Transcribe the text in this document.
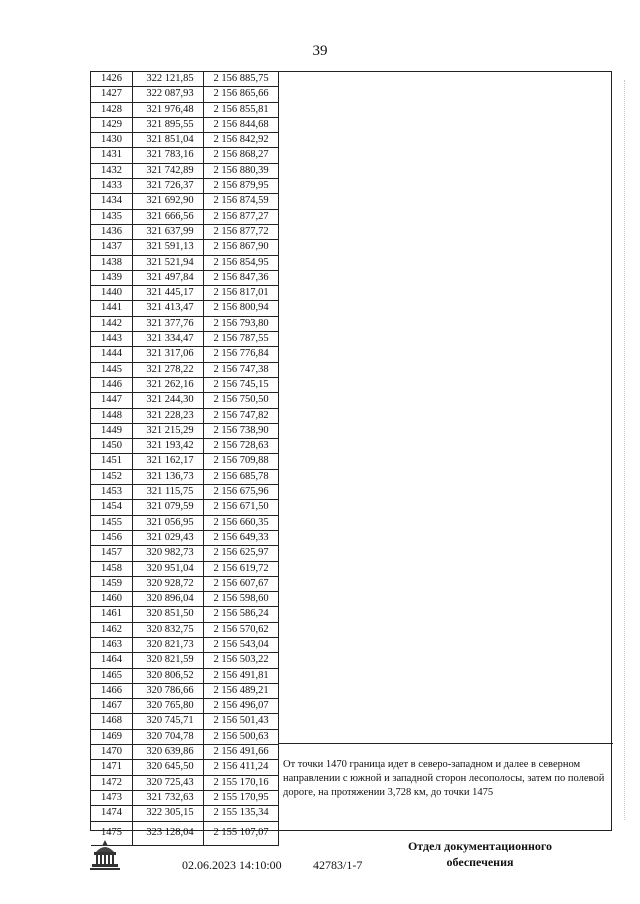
39
1426	322 121,85	2 156 885,75
1427	322 087,93	2 156 865,66
1428	321 976,48	2 156 855,81
1429	321 895,55	2 156 844,68
1430	321 851,04	2 156 842,92
1431	321 783,16	2 156 868,27
1432	321 742,89	2 156 880,39
1433	321 726,37	2 156 879,95
1434	321 692,90	2 156 874,59
1435	321 666,56	2 156 877,27
1436	321 637,99	2 156 877,72
1437	321 591,13	2 156 867,90
1438	321 521,94	2 156 854,95
1439	321 497,84	2 156 847,36
1440	321 445,17	2 156 817,01
1441	321 413,47	2 156 800,94
1442	321 377,76	2 156 793,80
1443	321 334,47	2 156 787,55
1444	321 317,06	2 156 776,84
1445	321 278,22	2 156 747,38
1446	321 262,16	2 156 745,15
1447	321 244,30	2 156 750,50
1448	321 228,23	2 156 747,82
1449	321 215,29	2 156 738,90
1450	321 193,42	2 156 728,63
1451	321 162,17	2 156 709,88
1452	321 136,73	2 156 685,78
1453	321 115,75	2 156 675,96
1454	321 079,59	2 156 671,50
1455	321 056,95	2 156 660,35
1456	321 029,43	2 156 649,33
1457	320 982,73	2 156 625,97
1458	320 951,04	2 156 619,72
1459	320 928,72	2 156 607,67
1460	320 896,04	2 156 598,60
1461	320 851,50	2 156 586,24
1462	320 832,75	2 156 570,62
1463	320 821,73	2 156 543,04
1464	320 821,59	2 156 503,22
1465	320 806,52	2 156 491,81
1466	320 786,66	2 156 489,21
1467	320 765,80	2 156 496,07
1468	320 745,71	2 156 501,43
1469	320 704,78	2 156 500,63
1470	320 639,86	2 156 491,66
1471	320 645,50	2 156 411,24
1472	320 725,43	2 155 170,16
1473	321 732,63	2 155 170,95
1474	322 305,15	2 155 135,34
1475	323 128,04	2 155 107,07
От точки 1470 граница идет в северо-западном и далее в северном направлении с южной и западной сторон лесополосы, затем по полевой дороге, на протяжении 3,728 км, до точки 1475
02.06.2023 14:10:00	42783/1-7
Отдел документационного
обеспечения
